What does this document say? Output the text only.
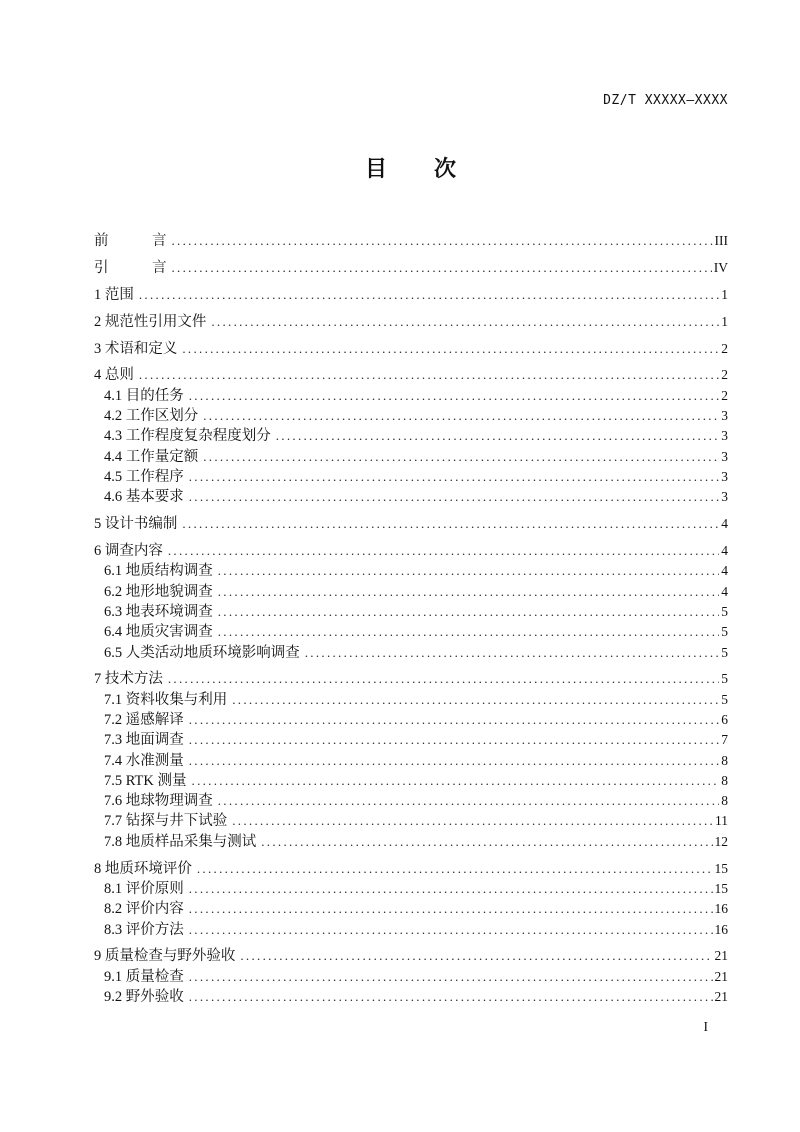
DZ/T XXXXX—XXXX
目　　次
前　　　言 .....	III
引　　　言 .....	IV
1 范围 .....	1
2 规范性引用文件 .....	1
3 术语和定义 .....	2
4 总则 .....	2
4.1 目的任务 .....	2
4.2 工作区划分 .....	3
4.3 工作程度复杂程度划分 .....	3
4.4 工作量定额 .....	3
4.5 工作程序 .....	3
4.6 基本要求 .....	3
5 设计书编制 .....	4
6 调查内容 .....	4
6.1 地质结构调查 .....	4
6.2 地形地貌调查 .....	4
6.3 地表环境调查 .....	5
6.4 地质灾害调查 .....	5
6.5 人类活动地质环境影响调查 .....	5
7 技术方法 .....	5
7.1 资料收集与利用 .....	5
7.2 遥感解译 .....	6
7.3 地面调查 .....	7
7.4 水准测量 .....	8
7.5 RTK 测量 .....	8
7.6 地球物理调查 .....	8
7.7 钻探与井下试验 .....	11
7.8 地质样品采集与测试 .....	12
8 地质环境评价 .....	15
8.1 评价原则 .....	15
8.2 评价内容 .....	16
8.3 评价方法 .....	16
9 质量检查与野外验收 .....	21
9.1 质量检查 .....	21
9.2 野外验收 .....	21
I
